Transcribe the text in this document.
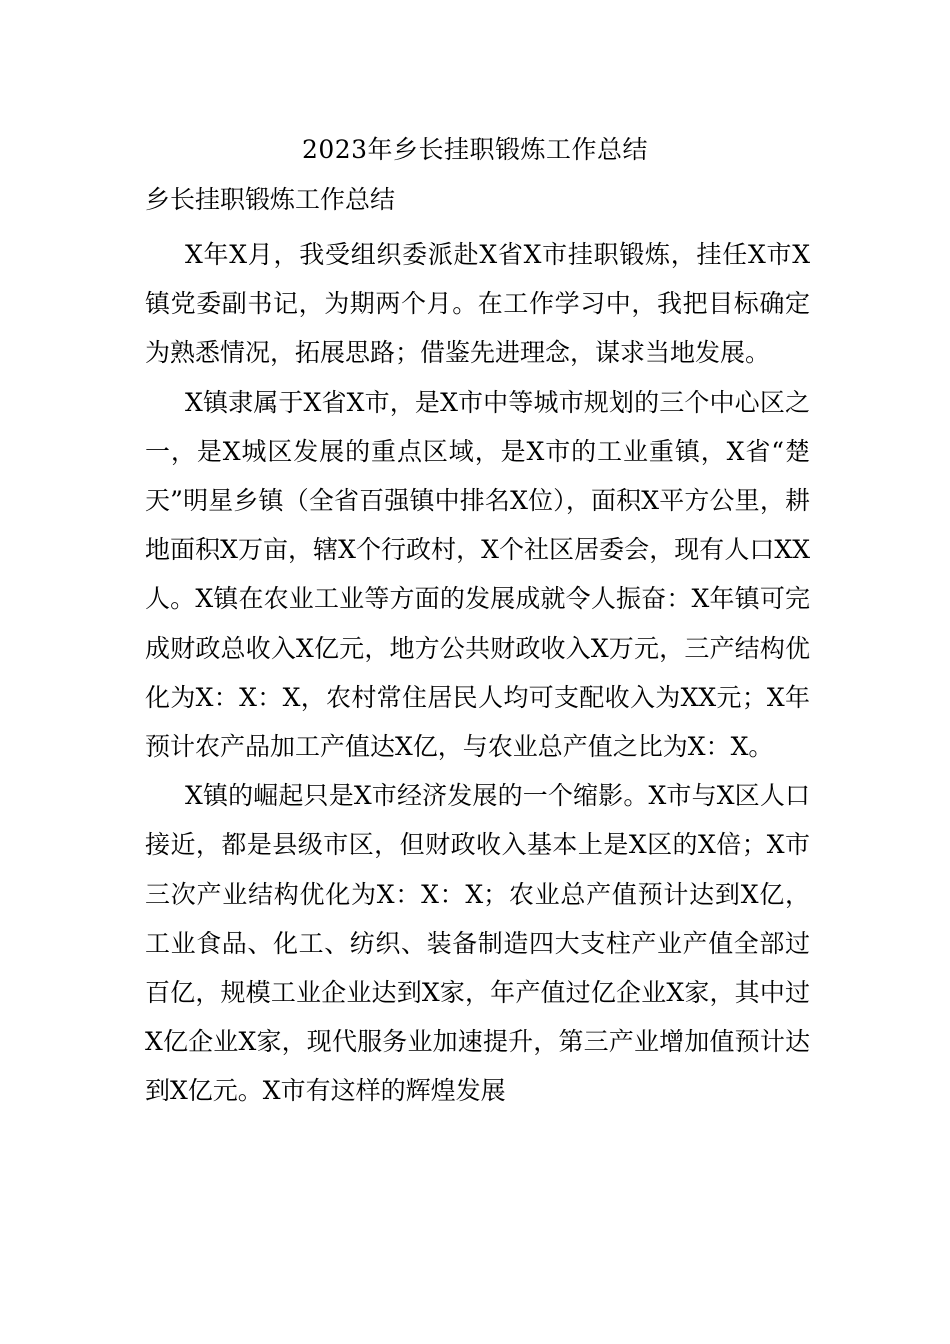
2023年乡长挂职锻炼工作总结
乡长挂职锻炼工作总结

X年X月，我受组织委派赴X省X市挂职锻炼，挂任X市X镇党委副书记，为期两个月。在工作学习中，我把目标确定为熟悉情况，拓展思路；借鉴先进理念，谋求当地发展。

X镇隶属于X省X市，是X市中等城市规划的三个中心区之一，是X城区发展的重点区域，是X市的工业重镇，X省“楚天”明星乡镇（全省百强镇中排名X位），面积X平方公里，耕地面积X万亩，辖X个行政村，X个社区居委会，现有人口XX人。X镇在农业工业等方面的发展成就令人振奋：X年镇可完成财政总收入X亿元，地方公共财政收入X万元，三产结构优化为X：X：X，农村常住居民人均可支配收入为XX元；X年预计农产品加工产值达X亿，与农业总产值之比为X：X。

X镇的崛起只是X市经济发展的一个缩影。X市与X区人口接近，都是县级市区，但财政收入基本上是X区的X倍；X市三次产业结构优化为X：X：X；农业总产值预计达到X亿，工业食品、化工、纺织、装备制造四大支柱产业产值全部过百亿，规模工业企业达到X家，年产值过亿企业X家，其中过X亿企业X家，现代服务业加速提升，第三产业增加值预计达到X亿元。X市有这样的辉煌发展
